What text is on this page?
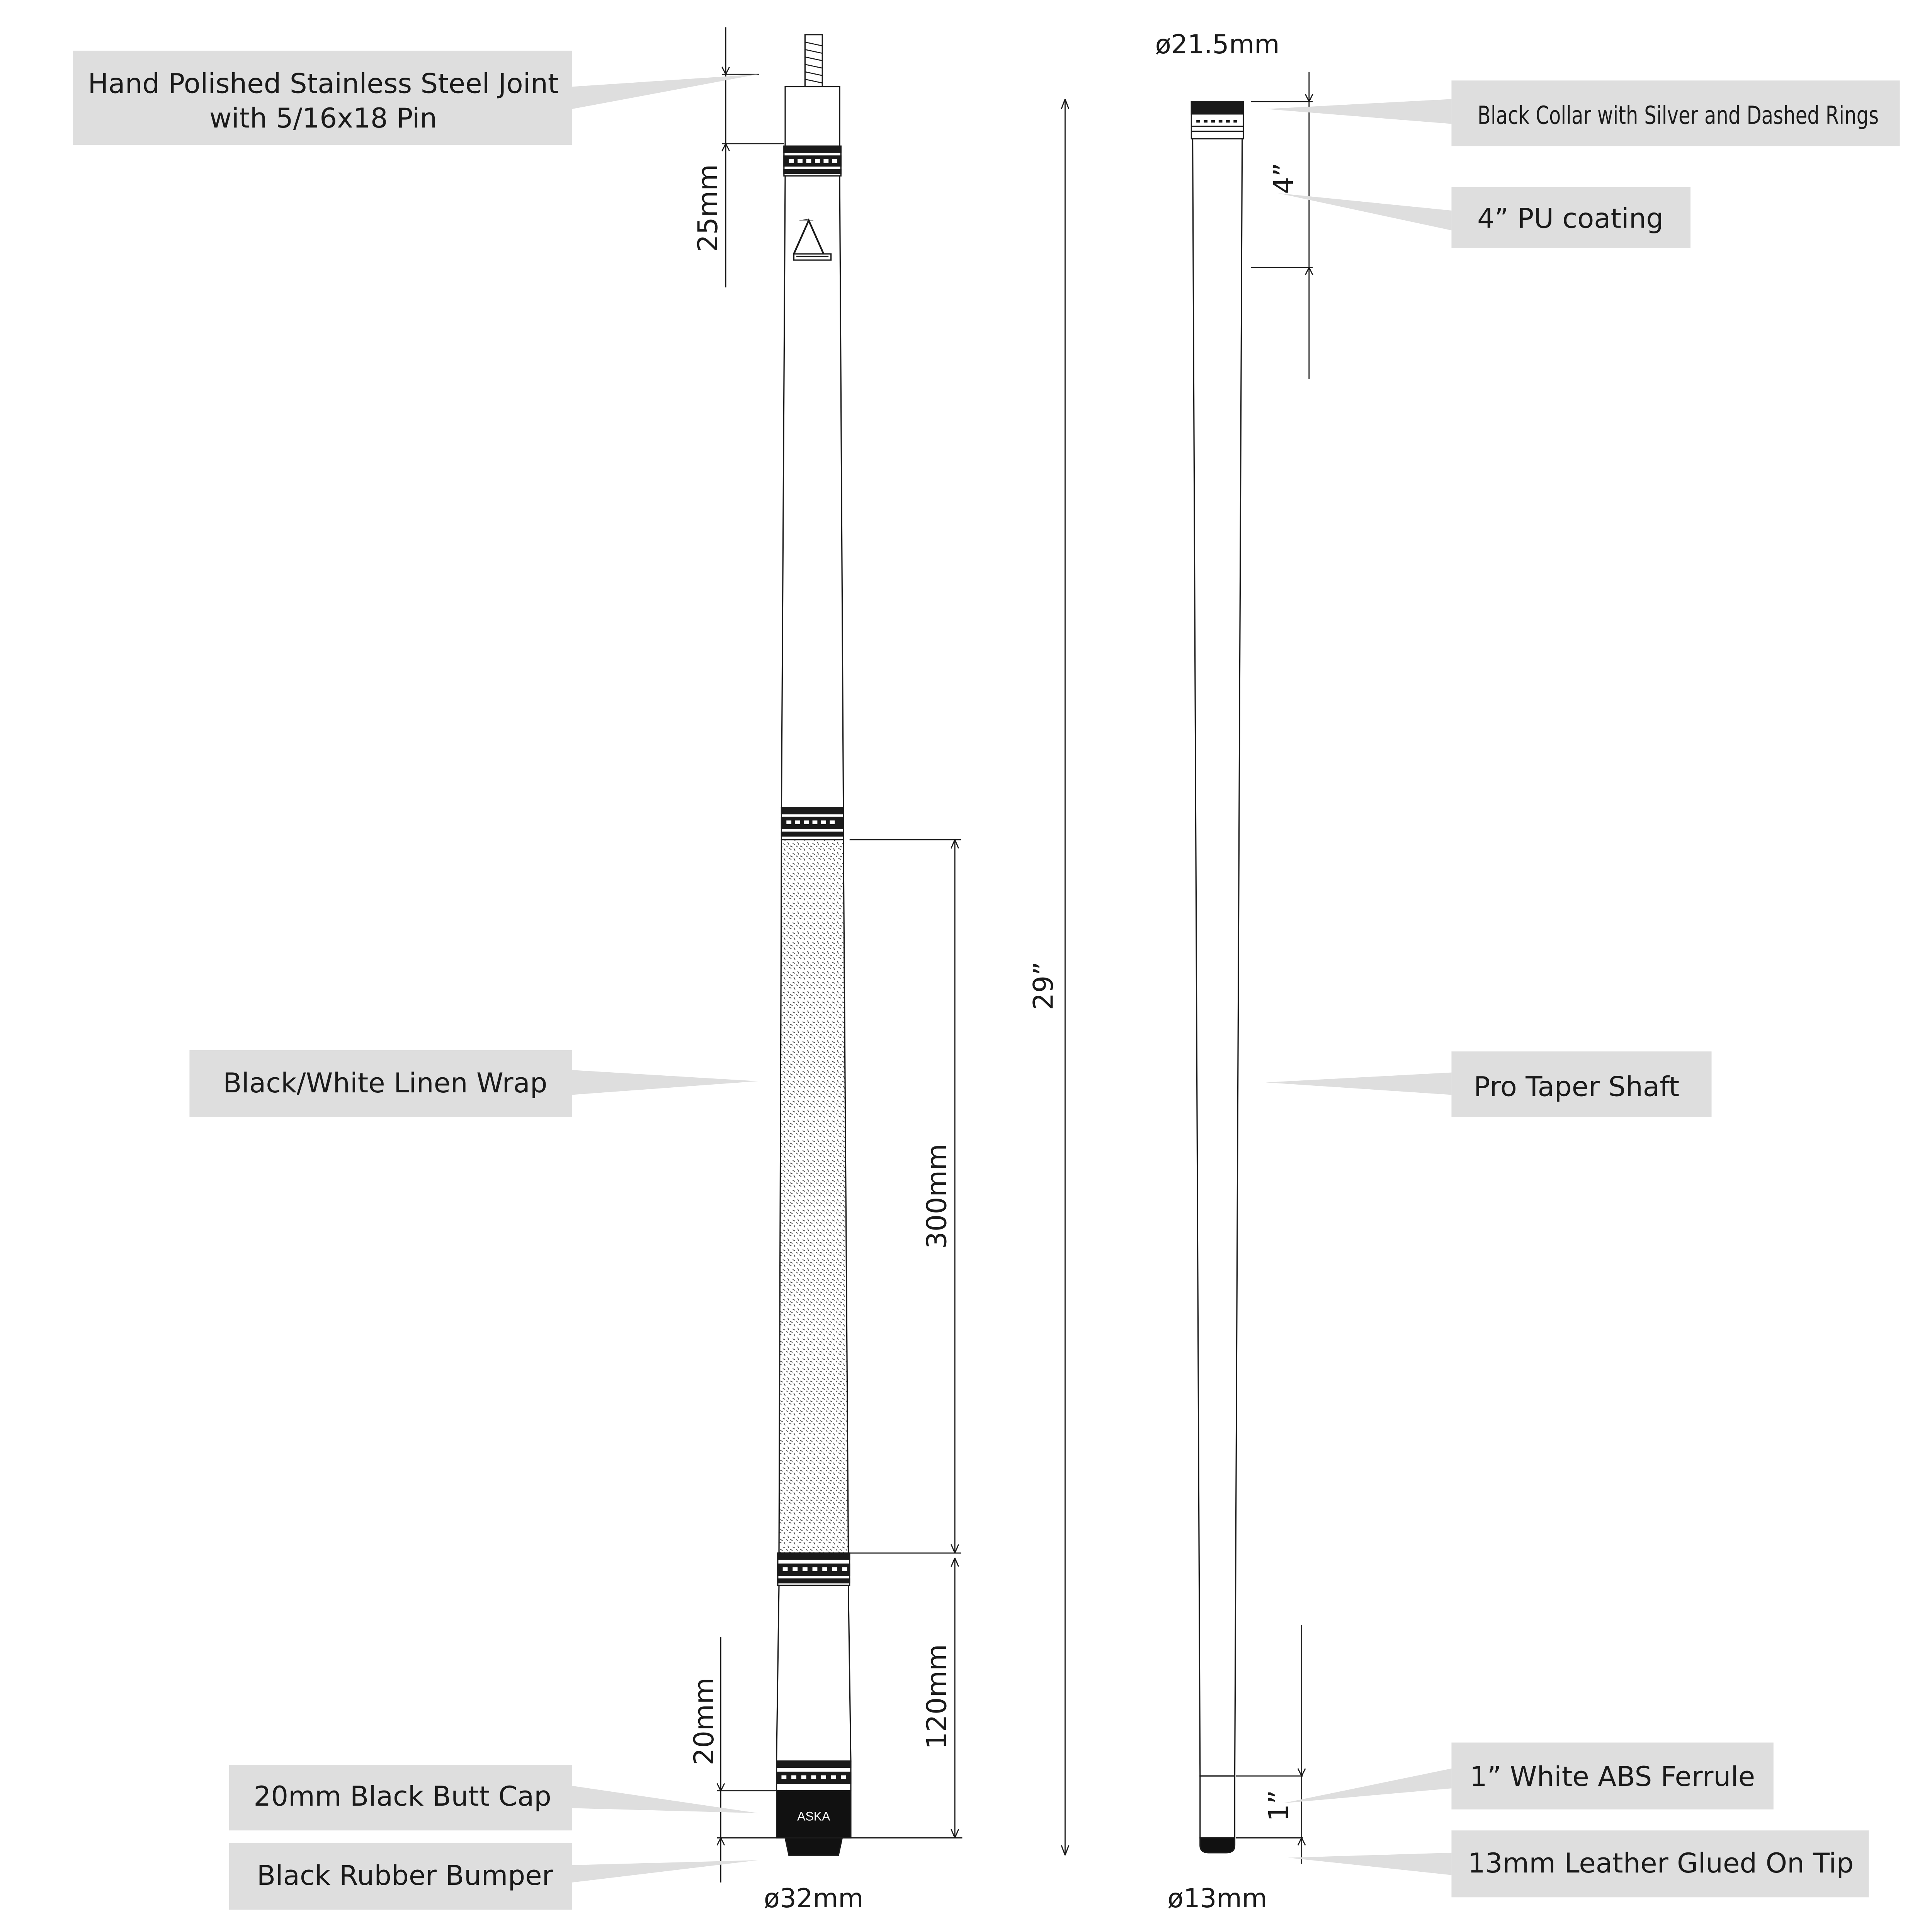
ASKA
25mm
300mm
120mm
20mm
29”
ø32mm
Hand Polished Stainless Steel Joint
with 5/16x18 Pin
Black/White Linen Wrap
20mm Black Butt Cap
Black Rubber Bumper
ø21.5mm
4”
1”
ø13mm
Black Collar with Silver and Dashed Rings
4” PU coating
Pro Taper Shaft
1” White ABS Ferrule
13mm Leather Glued On Tip
